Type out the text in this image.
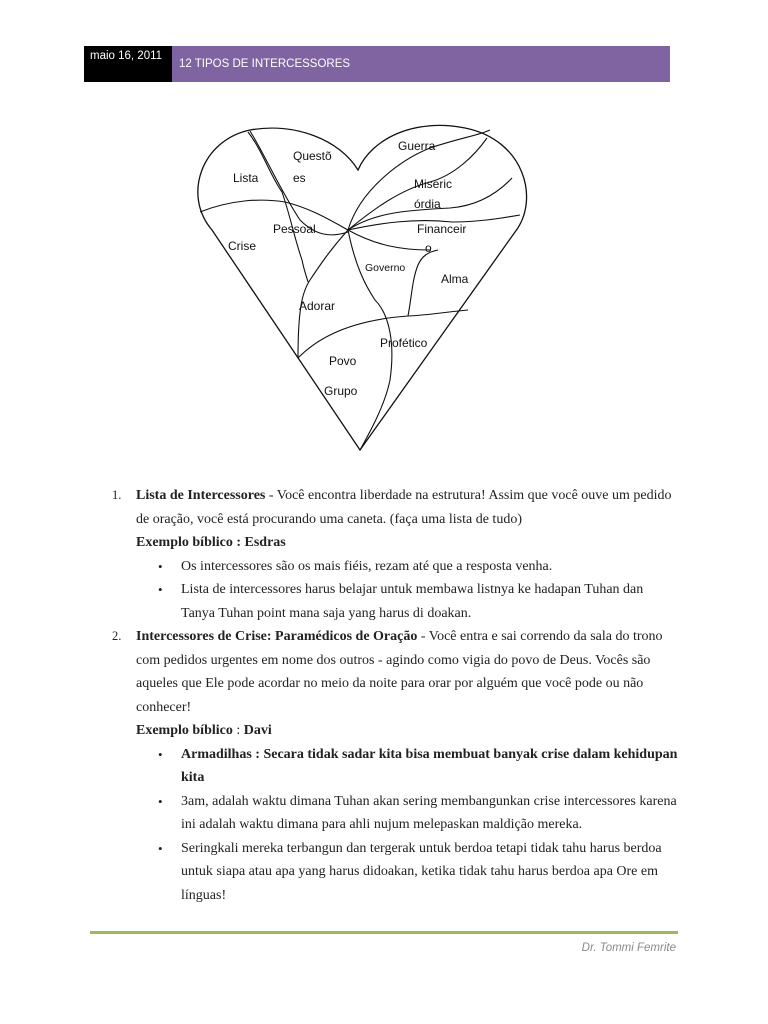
maio 16, 2011
12 TIPOS DE INTERCESSORES
Lista
Questõ
es
Guerra
Miseric
órdia
Pessoal	Financeir
o
Crise
Governo
Alma
Adorar
Profético
Povo
Grupo
1. Lista de Intercessores - Você encontra liberdade na estrutura! Assim que você ouve um pedido de oração, você está procurando uma caneta. (faça uma lista de tudo)
Exemplo bíblico : Esdras
• Os intercessores são os mais fiéis, rezam até que a resposta venha.
• Lista de intercessores harus belajar untuk membawa listnya ke hadapan Tuhan dan Tanya Tuhan point mana saja yang harus di doakan.
2. Intercessores de Crise: Paramédicos de Oração - Você entra e sai correndo da sala do trono com pedidos urgentes em nome dos outros - agindo como vigia do povo de Deus. Vocês são aqueles que Ele pode acordar no meio da noite para orar por alguém que você pode ou não conhecer!
Exemplo bíblico : Davi
• Armadilhas : Secara tidak sadar kita bisa membuat banyak crise dalam kehidupan kita
• 3am, adalah waktu dimana Tuhan akan sering membangunkan crise intercessores karena ini adalah waktu dimana para ahli nujum melepaskan maldição mereka.
• Seringkali mereka terbangun dan tergerak untuk berdoa tetapi tidak tahu harus berdoa untuk siapa atau apa yang harus didoakan, ketika tidak tahu harus berdoa apa Ore em línguas!
Dr. Tommi Femrite
